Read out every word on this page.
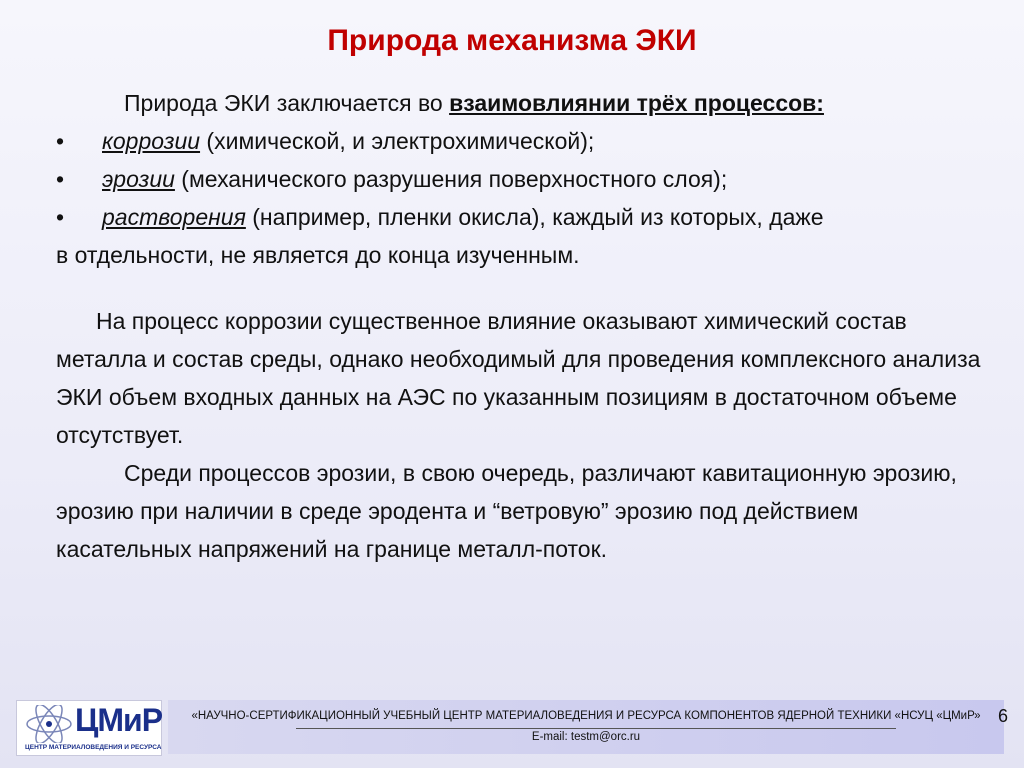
Природа механизма ЭКИ
Природа ЭКИ заключается во взаимовлиянии трёх процессов:
•	коррозии (химической, и электрохимической);
•	эрозии (механического разрушения поверхностного слоя);
•	растворения (например, пленки окисла), каждый из которых, даже
в отдельности, не является до конца изученным.

На процесс коррозии существенное влияние оказывают химический состав металла и состав среды, однако необходимый для проведения комплексного анализа ЭКИ объем входных данных на АЭС по указанным позициям в достаточном объеме отсутствует.

Среди процессов эрозии, в свою очередь, различают кавитационную эрозию, эрозию при наличии в среде эродента и “ветровую” эрозию под действием касательных напряжений на границе металл-поток.

ЦМиР
ЦЕНТР МАТЕРИАЛОВЕДЕНИЯ И РЕСУРСА
«НАУЧНО-СЕРТИФИКАЦИОННЫЙ УЧЕБНЫЙ ЦЕНТР МАТЕРИАЛОВЕДЕНИЯ И РЕСУРСА КОМПОНЕНТОВ ЯДЕРНОЙ ТЕХНИКИ «НСУЦ «ЦМиР»
E-mail: testm@orc.ru
6
